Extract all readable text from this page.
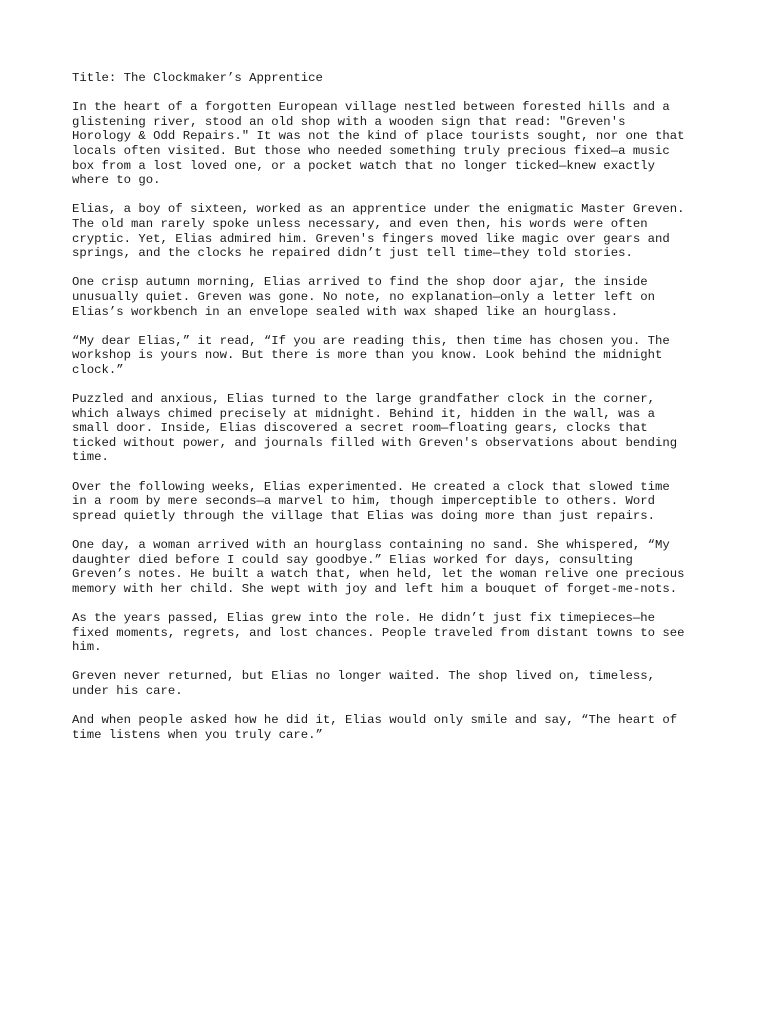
Title: The Clockmaker’s Apprentice
In the heart of a forgotten European village nestled between forested hills and a
glistening river, stood an old shop with a wooden sign that read: "Greven's
Horology & Odd Repairs." It was not the kind of place tourists sought, nor one that
locals often visited. But those who needed something truly precious fixed—a music
box from a lost loved one, or a pocket watch that no longer ticked—knew exactly
where to go.
Elias, a boy of sixteen, worked as an apprentice under the enigmatic Master Greven.
The old man rarely spoke unless necessary, and even then, his words were often
cryptic. Yet, Elias admired him. Greven's fingers moved like magic over gears and
springs, and the clocks he repaired didn’t just tell time—they told stories.
One crisp autumn morning, Elias arrived to find the shop door ajar, the inside
unusually quiet. Greven was gone. No note, no explanation—only a letter left on
Elias’s workbench in an envelope sealed with wax shaped like an hourglass.
“My dear Elias,” it read, “If you are reading this, then time has chosen you. The
workshop is yours now. But there is more than you know. Look behind the midnight
clock.”
Puzzled and anxious, Elias turned to the large grandfather clock in the corner,
which always chimed precisely at midnight. Behind it, hidden in the wall, was a
small door. Inside, Elias discovered a secret room—floating gears, clocks that
ticked without power, and journals filled with Greven's observations about bending
time.
Over the following weeks, Elias experimented. He created a clock that slowed time
in a room by mere seconds—a marvel to him, though imperceptible to others. Word
spread quietly through the village that Elias was doing more than just repairs.
One day, a woman arrived with an hourglass containing no sand. She whispered, “My
daughter died before I could say goodbye.” Elias worked for days, consulting
Greven’s notes. He built a watch that, when held, let the woman relive one precious
memory with her child. She wept with joy and left him a bouquet of forget-me-nots.
As the years passed, Elias grew into the role. He didn’t just fix timepieces—he
fixed moments, regrets, and lost chances. People traveled from distant towns to see
him.
Greven never returned, but Elias no longer waited. The shop lived on, timeless,
under his care.
And when people asked how he did it, Elias would only smile and say, “The heart of
time listens when you truly care.”
